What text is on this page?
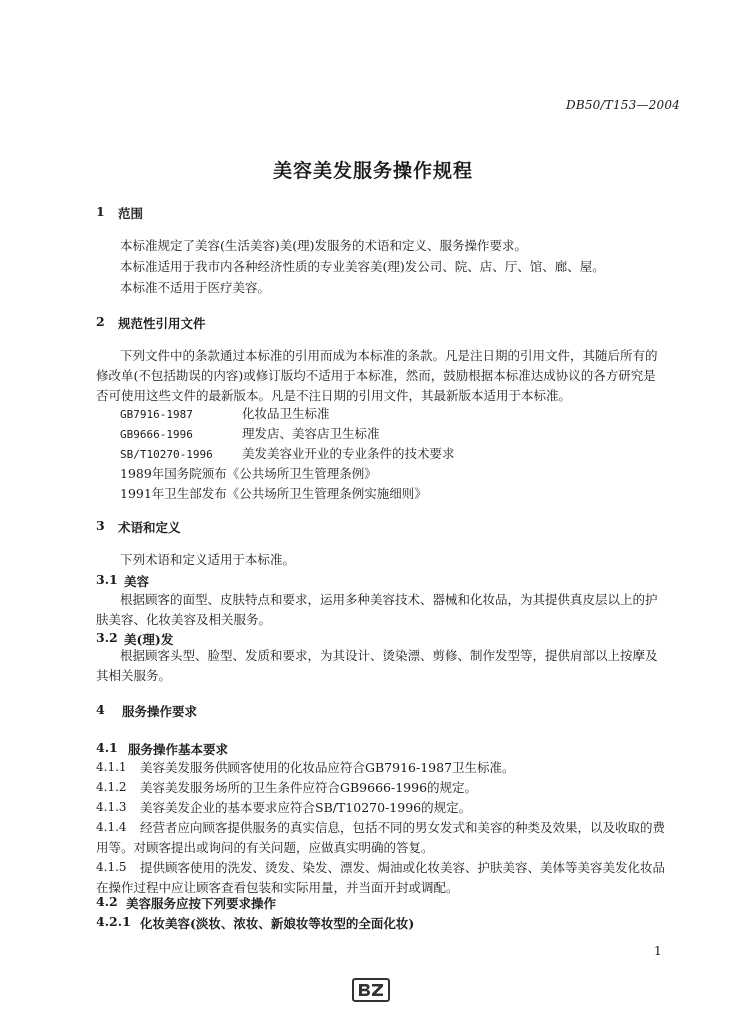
DB50/T153—2004
美容美发服务操作规程
1 范围
本标准规定了美容(生活美容)美(理)发服务的术语和定义、服务操作要求。
本标准适用于我市内各种经济性质的专业美容美(理)发公司、院、店、厅、馆、廊、屋。
本标准不适用于医疗美容。
2 规范性引用文件
下列文件中的条款通过本标准的引用而成为本标准的条款。凡是注日期的引用文件，其随后所有的修改单(不包括勘误的内容)或修订版均不适用于本标准，然而，鼓励根据本标准达成协议的各方研究是否可使用这些文件的最新版本。凡是不注日期的引用文件，其最新版本适用于本标准。
GB7916-1987	化妆品卫生标准
GB9666-1996	理发店、美容店卫生标准
SB/T10270-1996 美发美容业开业的专业条件的技术要求
1989年国务院颁布《公共场所卫生管理条例》
1991年卫生部发布《公共场所卫生管理条例实施细则》
3 术语和定义
下列术语和定义适用于本标准。
3.1 美容
根据顾客的面型、皮肤特点和要求，运用多种美容技术、器械和化妆品，为其提供真皮层以上的护肤美容、化妆美容及相关服务。
3.2 美(理)发
根据顾客头型、脸型、发质和要求，为其设计、烫染漂、剪修、制作发型等，提供肩部以上按摩及其相关服务。
4 服务操作要求
4.1 服务操作基本要求
4.1.1 美容美发服务供顾客使用的化妆品应符合GB7916-1987卫生标准。
4.1.2 美容美发服务场所的卫生条件应符合GB9666-1996的规定。
4.1.3 美容美发企业的基本要求应符合SB/T10270-1996的规定。
4.1.4	经营者应向顾客提供服务的真实信息，包括不同的男女发式和美容的种类及效果，以及收取的费用等。对顾客提出或询问的有关问题，应做真实明确的答复。
4.1.5	提供顾客使用的洗发、烫发、染发、漂发、焗油或化妆美容、护肤美容、美体等美容美发化妆品在操作过程中应让顾客查看包装和实际用量，并当面开封或调配。
4.2 美容服务应按下列要求操作
4.2.1 化妆美容(淡妆、浓妆、新娘妆等妆型的全面化妆)
1
